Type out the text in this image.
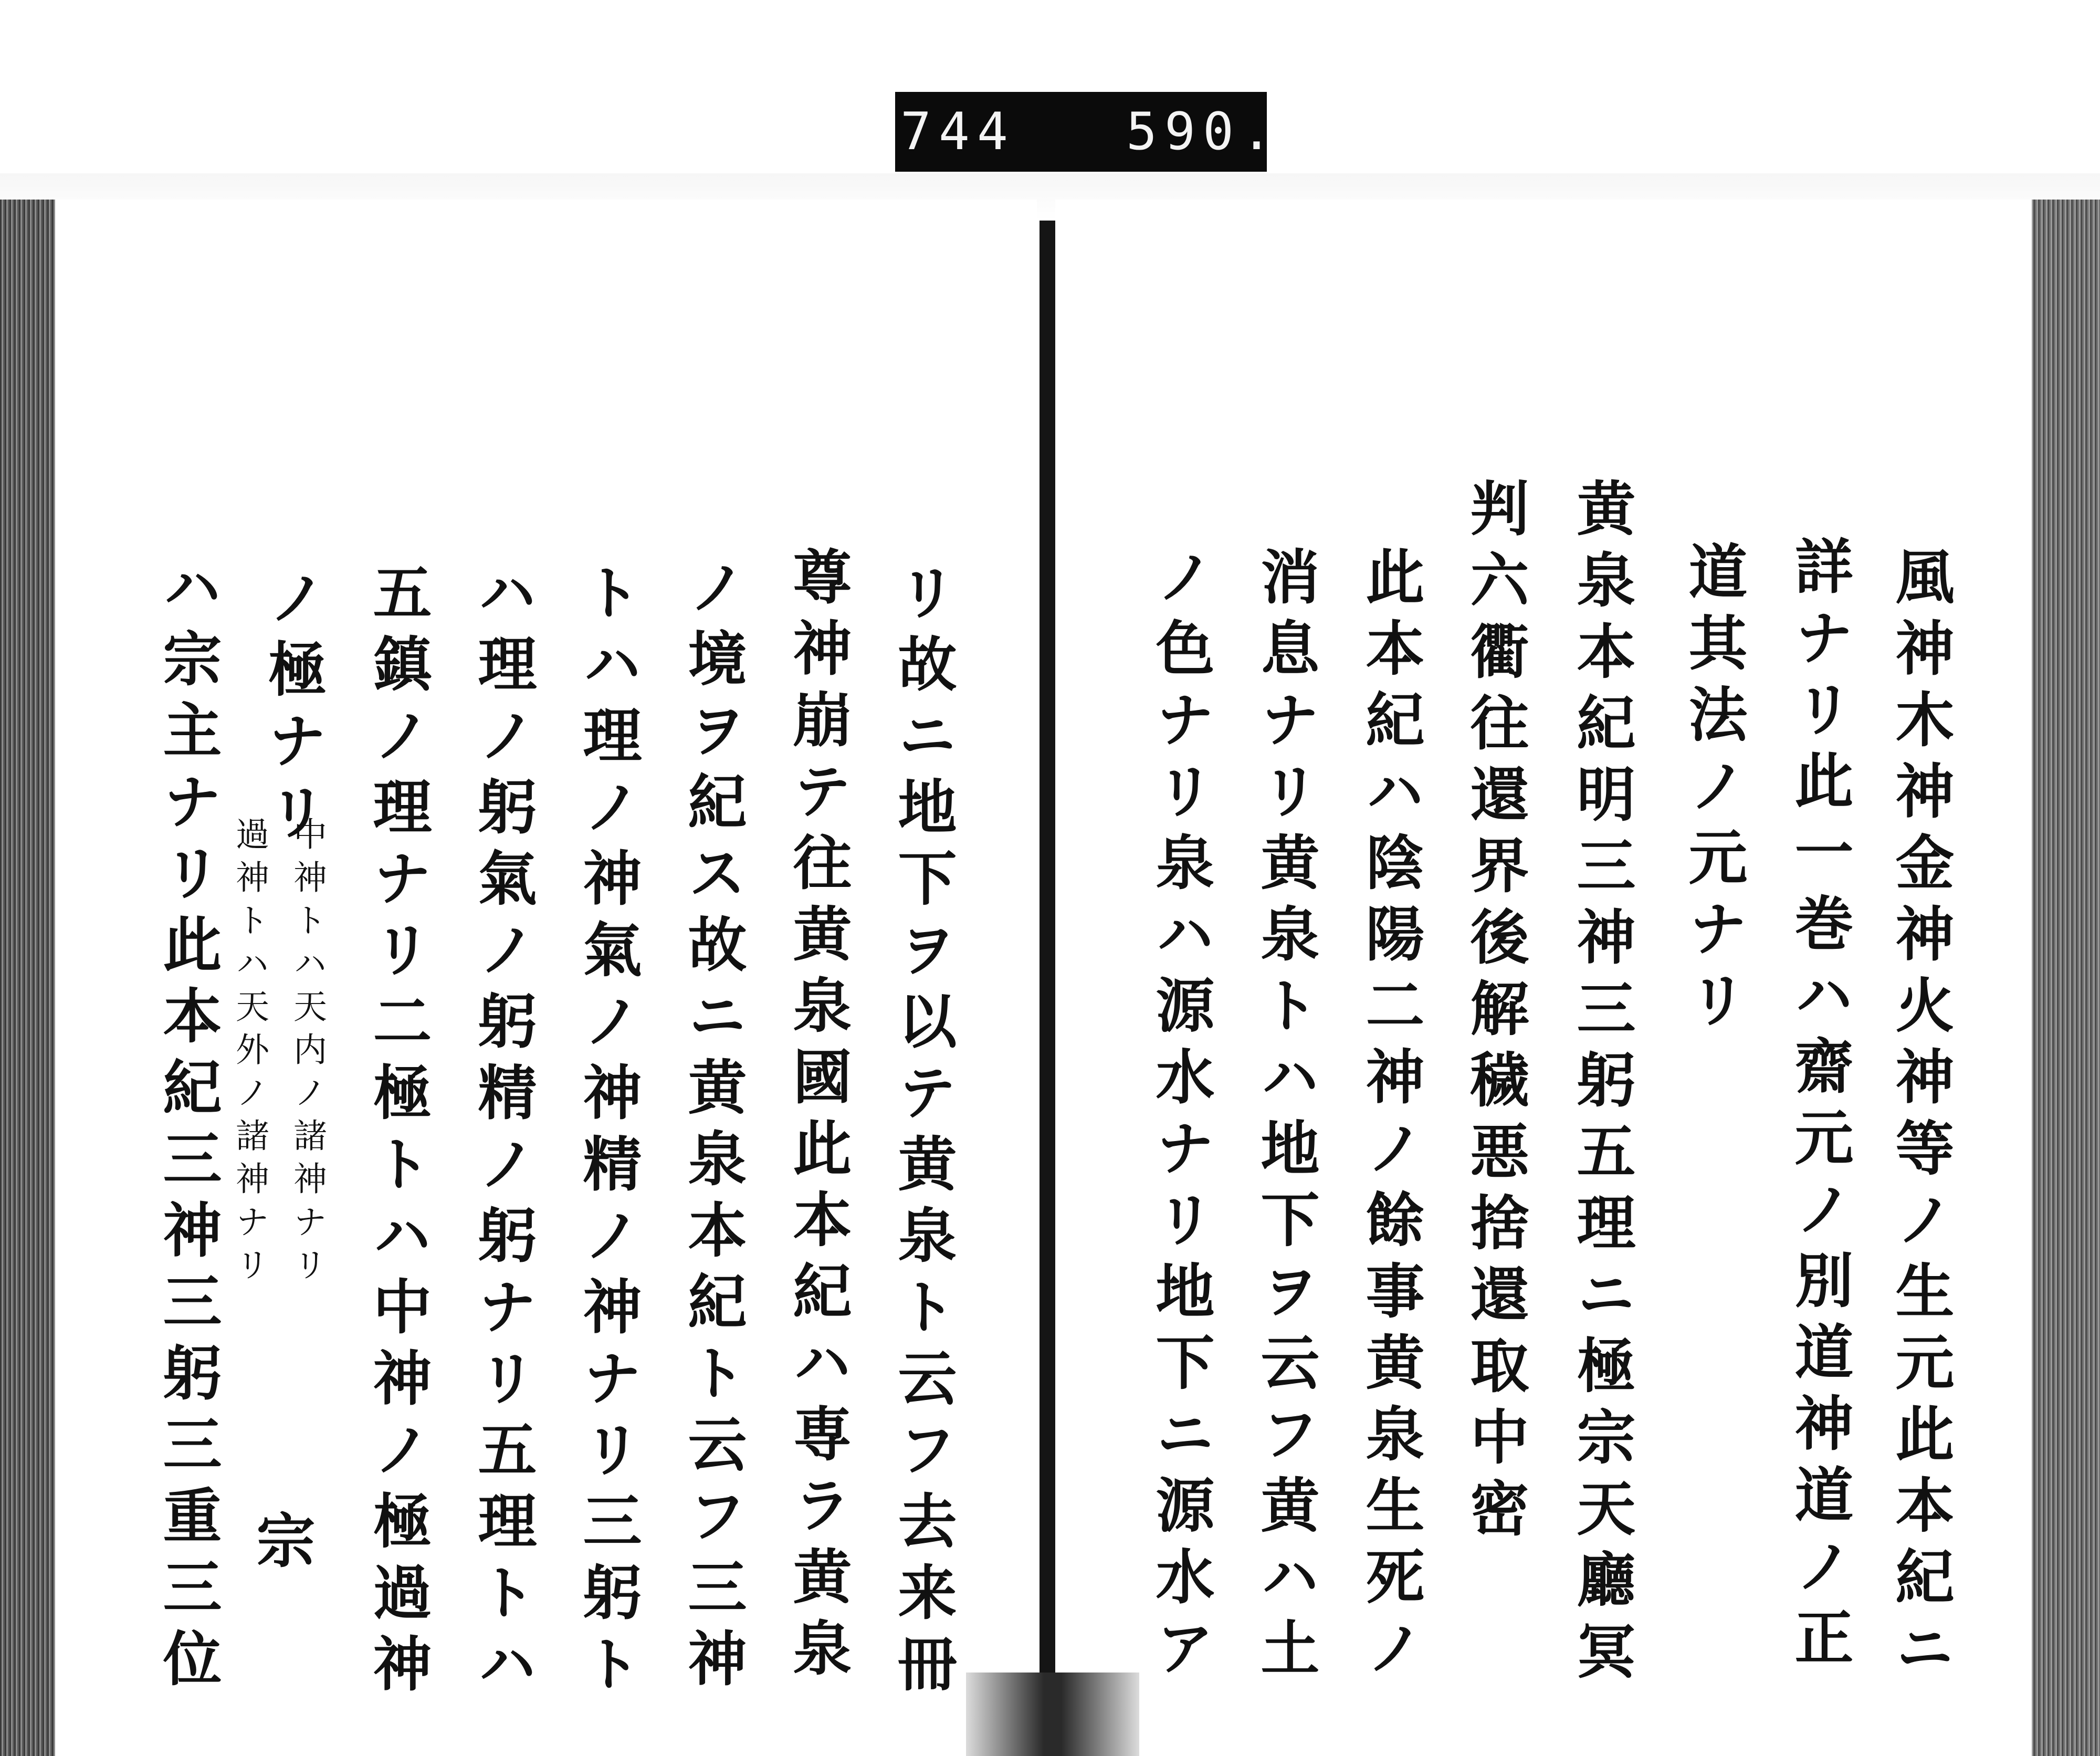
744 590.
風神木神金神火神等ノ生元此本紀ニ
詳ナリ此一巻ハ齋元ノ別道神道ノ正
道其法ノ元ナリ
黄泉本紀明三神三躬五理ニ極宗天廳冥
判六衢往還界後解穢悪捨還取中密
此本紀ハ陰陽二神ノ餘事黄泉生死ノ
消息ナリ黄泉トハ地下ヲ云フ黄ハ土
ノ色ナリ泉ハ源水ナリ地下ニ源水ア
リ故ニ地下ヲ以テ黄泉ト云フ去来冊
尊神崩テ往黄泉國此本紀ハ専ラ黄泉
ノ境ヲ紀ス故ニ黄泉本紀ト云フ三神
トハ理ノ神氣ノ神精ノ神ナリ三躬ト
ハ理ノ躬氣ノ躬精ノ躬ナリ五理トハ
五鎮ノ理ナリ二極トハ中神ノ極過神
ノ極ナリ
中神トハ天内ノ諸神ナリ
過神トハ天外ノ諸神ナリ
宗
ハ宗主ナリ此本紀三神三躬三重三位
